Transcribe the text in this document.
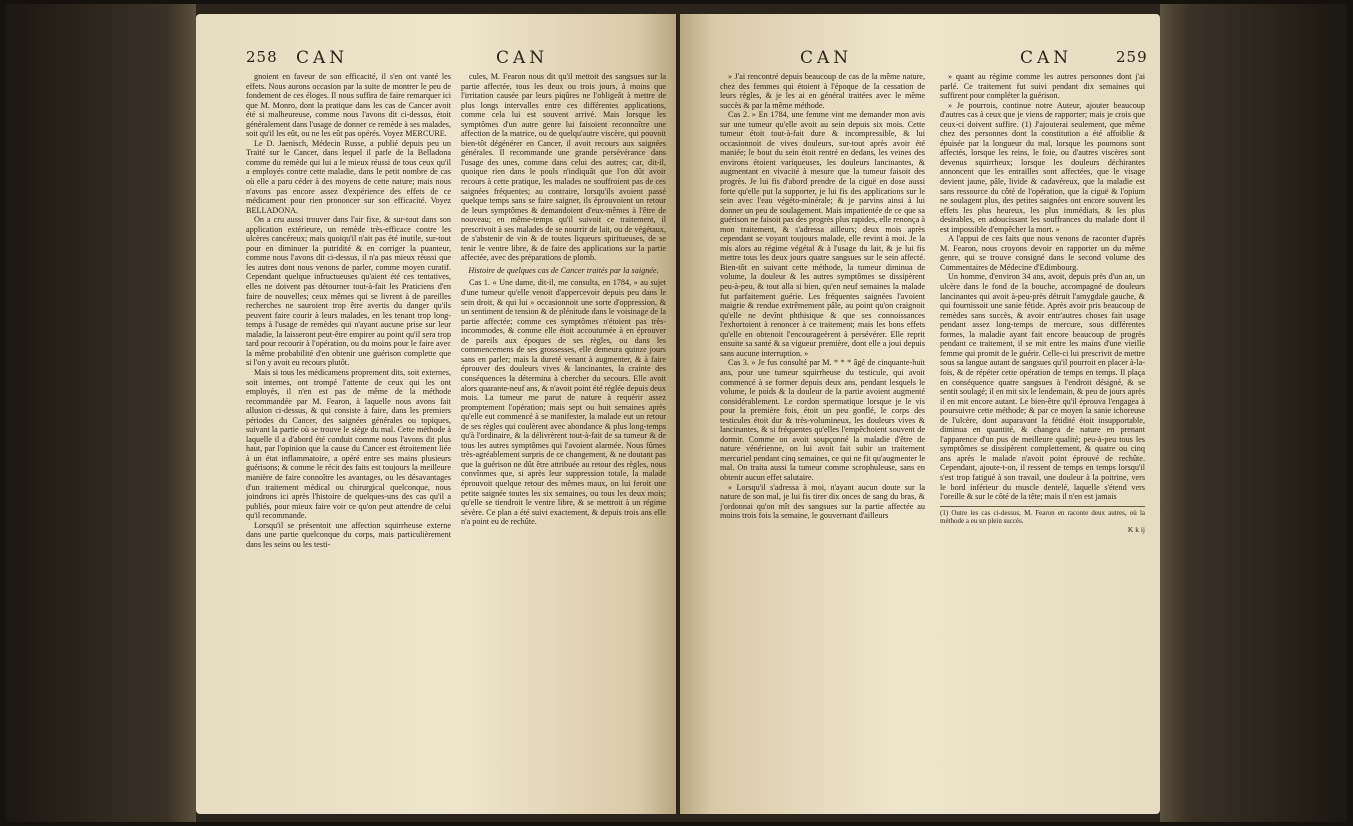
258 CAN	CAN

gnoient en faveur de son efficacité, il s'en ont vanté les effets. Nous aurons occasion par la suite de montrer le peu de fondement de ces éloges. Il nous suffira de faire remarquer ici que M. Monro, dont la pratique dans les cas de Cancer avoit été si malheureuse, comme nous l'avons dit ci-dessus, étoit généralement dans l'usage de donner ce remède à ses malades, soit qu'il les eût, ou ne les eût pas opérés. Voyez MERCURE.

Le D. Jaenisch, Médecin Russe, a publié depuis peu un Traité sur le Cancer, dans lequel il parle de la Belladona comme du remède qui lui a le mieux réussi de tous ceux qu'il a employés contre cette maladie, dans le petit nombre de cas où elle a paru céder à des moyens de cette nature; mais nous n'avons pas encore assez d'expérience des effets de ce médicament pour rien prononcer sur son efficacité. Voyez BELLADONA.

On a cru aussi trouver dans l'air fixe, & sur-tout dans son application extérieure, un remède très-efficace contre les ulcères cancéreux; mais quoiqu'il n'ait pas été inutile, sur-tout pour en diminuer la putridité & en corriger la puanteur, comme nous l'avons dit ci-dessus, il n'a pas mieux réussi que les autres dont nous venons de parler, comme moyen curatif. Cependant quelque infructueuses qu'aient été ces tentatives, elles ne doivent pas détourner tout-à-fait les Praticiens d'en faire de nouvelles; ceux mêmes qui se livrent à de pareilles recherches ne sauroient trop être avertis du danger qu'ils peuvent faire courir à leurs malades, en les tenant trop long-temps à l'usage de remèdes qui n'ayant aucune prise sur leur maladie, la laisseront peut-être empirer au point qu'il sera trop tard pour recourir à l'opération, ou du moins pour le faire avec la même probabilité d'en obtenir une guérison complette que si l'on y avoit eu recours plutôt.

Mais si tous les médicamens proprement dits, soit externes, soit internes, ont trompé l'attente de ceux qui les ont employés, il n'en est pas de même de la méthode recommandée par M. Fearon, à laquelle nous avons fait allusion ci-dessus, & qui consiste à faire, dans les premiers périodes du Cancer, des saignées générales ou topiques, suivant la partie où se trouve le siège du mal. Cette méthode à laquelle il a d'abord été conduit comme nous l'avons dit plus haut, par l'opinion que la cause du Cancer est étroitement liée à un état inflammatoire, a opéré entre ses mains plusieurs guérisons; & comme le récit des faits est toujours la meilleure manière de faire connoître les avantages, ou les désavantages d'un traitement médical ou chirurgical quelconque, nous joindrons ici après l'histoire de quelques-uns des cas qu'il a publiés, pour mieux faire voir ce qu'on peut attendre de celui qu'il recommande.

Lorsqu'il se présentoit une affection squirrheuse externe dans une partie quelconque du corps, mais particulièrement dans les seins ou les testi-

cules, M. Fearon nous dit qu'il mettoit des sangsues sur la partie affectée, tous les deux ou trois jours, à moins que l'irritation causée par leurs piqûres ne l'obligeât à mettre de plus longs intervalles entre ces différentes applications, comme cela lui est souvent arrivé. Mais lorsque les symptômes d'un autre genre lui faisoient reconnoître une affection de la matrice, ou de quelqu'autre viscère, qui pouvoit bien-tôt dégénérer en Cancer, il avoit recours aux saignées générales. Il recommande une grande persévérance dans l'usage des unes, comme dans celui des autres; car, dit-il, quoique rien dans le pouls n'indiquât que l'on dût avoir recours à cette pratique, les malades ne souffroient pas de ces saignées fréquentes; au contraire, lorsqu'ils avoient passé quelque temps sans se faire saigner, ils éprouvoient un retour de leurs symptômes & demandoient d'eux-mêmes à l'être de nouveau; en même-temps qu'il suivoit ce traitement, il prescrivoit à ses malades de se nourrir de lait, ou de végétaux, de s'abstenir de vin & de toutes liqueurs spiritueuses, de se tenir le ventre libre, & de faire des applications sur la partie affectée, avec des préparations de plomb.

Histoire de quelques cas de Cancer traités par la saignée.

Cas 1. « Une dame, dit-il, me consulta, en 1784, » au sujet d'une tumeur qu'elle venoit d'appercevoir depuis peu dans le sein droit, & qui lui » occasionnoit une sorte d'oppression, & un sentiment de tension & de plénitude dans le voisinage de la partie affectée; comme ces symptômes n'étoient pas très-incommodes, & comme elle étoit accoutumée à en éprouver de pareils aux époques de ses règles, ou dans les commencemens de ses grossesses, elle demeura quinze jours sans en parler; mais la dureté venant à augmenter, & à faire éprouver des douleurs vives & lancinantes, la crainte des conséquences la détermina à chercher du secours. Elle avoit alors quarante-neuf ans, & n'avoit point été réglée depuis deux mois. La tumeur me parut de nature à requérir assez promptement l'opération; mais sept ou huit semaines après qu'elle eut commencé à se manifester, la malade eut un retour de ses règles qui coulèrent avec abondance & plus long-temps qu'à l'ordinaire, & la délivrèrent tout-à-fait de sa tumeur & de tous les autres symptômes qui l'avoient alarmée. Nous fûmes très-agréablement surpris de ce changement, & ne doutant pas que la guérison ne dût être attribuée au retour des règles, nous convînmes que, si après leur suppression totale, la malade éprouvoit quelque retour des mêmes maux, on lui feroit une petite saignée toutes les six semaines, ou tous les deux mois; qu'elle se tiendroit le ventre libre, & se mettroit à un régime sévère. Ce plan a été suivi exactement, & depuis trois ans elle n'a point eu de rechûte.

CAN	CAN	259

» J'ai rencontré depuis beaucoup de cas de la même nature, chez des femmes qui étoient à l'époque de la cessation de leurs règles, & je les ai en général traitées avec le même succès & par la même méthode.

Cas 2. » En 1784, une femme vint me demander mon avis sur une tumeur qu'elle avoit au sein depuis six mois. Cette tumeur étoit tout-à-fait dure & incompressible, & lui occasionnoit de vives douleurs, sur-tout après avoir été maniée; le bout du sein étoit rentré en dedans, les veines des environs étoient variqueuses, les douleurs lancinantes, & augmentant en vivacité à mesure que la tumeur faisoit des progrès. Je lui fis d'abord prendre de la ciguë en dose aussi forte qu'elle put la supporter, je lui fis des applications sur le sein avec l'eau végéto-minérale; & je parvins ainsi à lui donner un peu de soulagement. Mais impatientée de ce que sa guérison ne faisoit pas des progrès plus rapides, elle renonça à mon traitement, & s'adressa ailleurs; deux mois après cependant se voyant toujours malade, elle revint à moi. Je la mis alors au régime végétal & à l'usage du lait, & je lui fis mettre tous les deux jours quatre sangsues sur le sein affecté. Bien-tôt en suivant cette méthode, la tumeur diminua de volume, la douleur & les autres symptômes se dissipèrent peu-à-peu, & tout alla si bien, qu'en neuf semaines la malade fut parfaitement guérie. Les fréquentes saignées l'avoient maigrie & rendue extrêmement pâle, au point qu'on craignoit qu'elle ne devînt phthisique & que ses connoissances l'exhortoient à renoncer à ce traitement; mais les bons effets qu'elle en obtenoit l'encourageèrent à persévérer. Elle reprit ensuite sa santé & sa vigueur première, dont elle a joui depuis sans aucune interruption. »

Cas 3. » Je fus consulté par M. * * * âgé de cinquante-huit ans, pour une tumeur squirrheuse du testicule, qui avoit commencé à se former depuis deux ans, pendant lesquels le volume, le poids & la douleur de la partie avoient augmenté considérablement. Le cordon spermatique lorsque je le vis pour la première fois, étoit un peu gonflé, le corps des testicules étoit dur & très-volumineux, les douleurs vives & lancinantes, & si fréquentes qu'elles l'empêchoient souvent de dormir. Comme on avoit soupçonné la maladie d'être de nature vénérienne, on lui avoit fait subir un traitement mercuriel pendant cinq semaines, ce qui ne fit qu'augmenter le mal. On traita aussi la tumeur comme scrophuleuse, sans en obtenir aucun effet salutaire.

» Lorsqu'il s'adressa à moi, n'ayant aucun doute sur la nature de son mal, je lui fis tirer dix onces de sang du bras, & j'ordonnai qu'on mît des sangsues sur la partie affectée au moins trois fois la semaine, le gouvernant d'ailleurs

» quant au régime comme les autres personnes dont j'ai parlé. Ce traitement fut suivi pendant dix semaines qui suffirent pour compléter la guérison.

» Je pourrois, continue notre Auteur, ajouter beaucoup d'autres cas à ceux que je viens de rapporter; mais je crois que ceux-ci doivent suffire. (1) J'ajouterai seulement, que même chez des personnes dont la constitution a été affoiblie & épuisée par la longueur du mal, lorsque les poumons sont affectés, lorsque les reins, le foie, ou d'autres viscères sont devenus squirrheux; lorsque les douleurs déchirantes annoncent que les entrailles sont affectées, que le visage devient jaune, pâle, livide & cadavéreux, que la maladie est sans ressource du côté de l'opération, que la ciguë & l'opium ne soulagent plus, des petites saignées ont encore souvent les effets les plus heureux, les plus immédiats, & les plus desirables, en adoucissant les souffrances du malade dont il est impossible d'empêcher la mort. »

A l'appui de ces faits que nous venons de raconter d'après M. Fearon, nous croyons devoir en rapporter un du même genre, qui se trouve consigné dans le second volume des Commentaires de Médecine d'Edimbourg.

Un homme, d'environ 34 ans, avoit, depuis près d'un an, un ulcère dans le fond de la bouche, accompagné de douleurs lancinantes qui avoit à-peu-près détruit l'amygdale gauche, & qui fournissoit une sanie fétide. Après avoir pris beaucoup de remèdes sans succès, & avoir entr'autres choses fait usage pendant assez long-temps de mercure, sous différentes formes, la maladie ayant fait encore beaucoup de progrès pendant ce traitement, il se mit entre les mains d'une vieille femme qui promit de le guérir. Celle-ci lui prescrivit de mettre sous sa langue autant de sangsues qu'il pourroit en placer à-la-fois, & de répéter cette opération de temps en temps. Il plaça en conséquence quatre sangsues à l'endroit désigné, & se sentit soulagé; il en mit six le lendemain, & peu de jours après il en mit encore autant. Le bien-être qu'il éprouva l'engagea à poursuivre cette méthode; & par ce moyen la sanie ichoreuse de l'ulcère, dont auparavant la fétidité étoit insupportable, diminua en quantité, & changea de nature en prenant l'apparence d'un pus de meilleure qualité; peu-à-peu tous les symptômes se dissipèrent complettement, & quatre ou cinq ans après le malade n'avoit point éprouvé de rechûte. Cependant, ajoute-t-on, il ressent de temps en temps lorsqu'il s'est trop fatigué à son travail, une douleur à la poitrine, vers le bord inférieur du muscle dentelé, laquelle s'étend vers l'oreille & sur le côté de la tête; mais il n'en est jamais

(1) Outre les cas ci-dessus, M. Fearon en raconte deux autres, où la méthode a eu un plein succès.

K k ij
